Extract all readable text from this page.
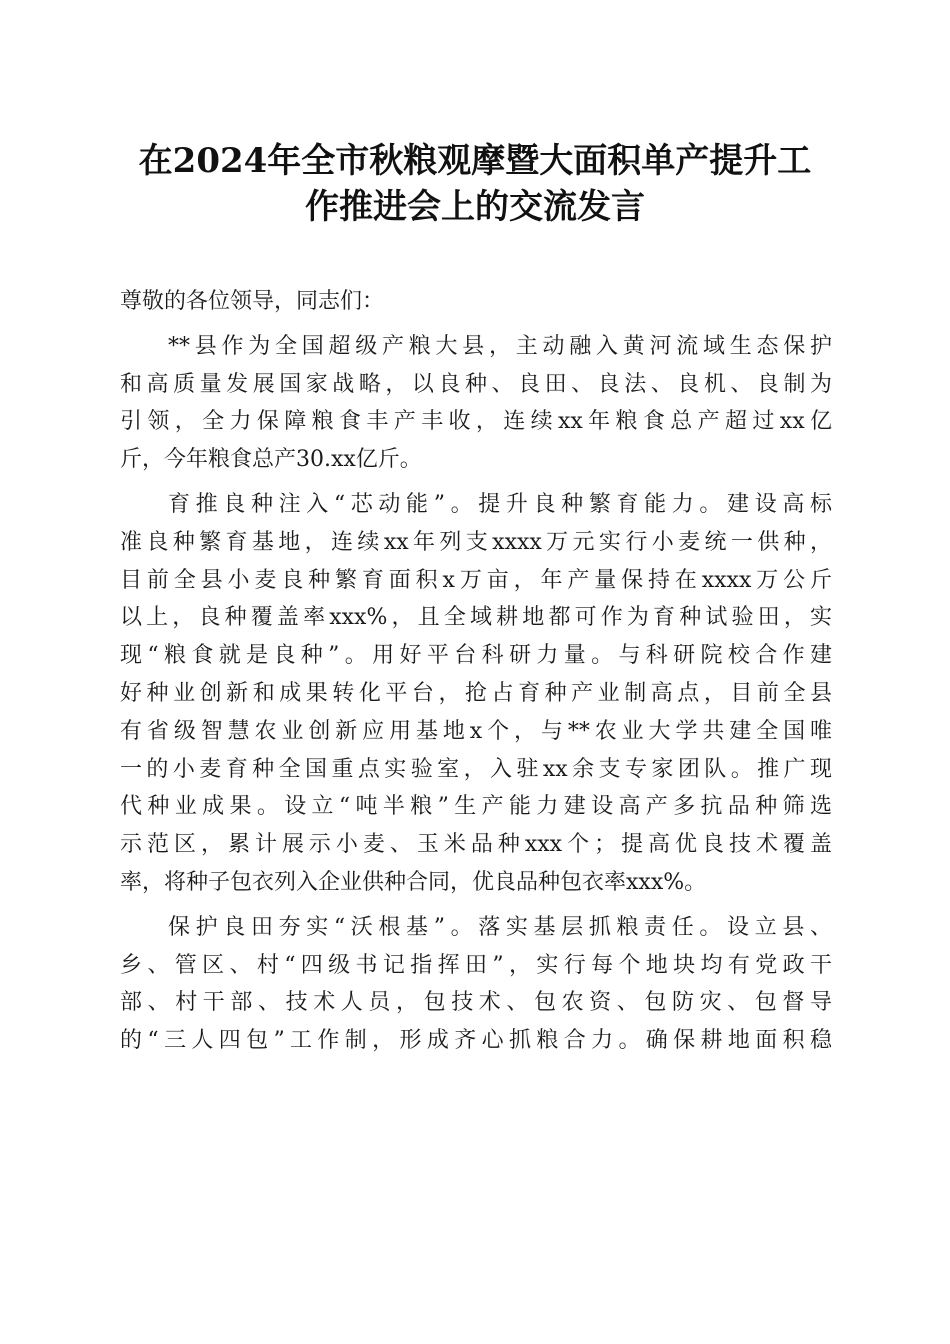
在2024年全市秋粮观摩暨大面积单产提升工
作推进会上的交流发言

尊敬的各位领导，同志们：

**县作为全国超级产粮大县，主动融入黄河流域生态保护
和高质量发展国家战略，以良种、良田、良法、良机、良制为
引领，全力保障粮食丰产丰收，连续xx年粮食总产超过xx亿
斤，今年粮食总产30.xx亿斤。

育推良种注入“芯动能”。提升良种繁育能力。建设高标
准良种繁育基地，连续xx年列支xxxx万元实行小麦统一供种，
目前全县小麦良种繁育面积x万亩，年产量保持在xxxx万公斤
以上，良种覆盖率xxx%，且全域耕地都可作为育种试验田，实
现“粮食就是良种”。用好平台科研力量。与科研院校合作建
好种业创新和成果转化平台，抢占育种产业制高点，目前全县
有省级智慧农业创新应用基地x个，与**农业大学共建全国唯
一的小麦育种全国重点实验室，入驻xx余支专家团队。推广现
代种业成果。设立“吨半粮”生产能力建设高产多抗品种筛选
示范区，累计展示小麦、玉米品种xxx个；提高优良技术覆盖
率，将种子包衣列入企业供种合同，优良品种包衣率xxx%。

保护良田夯实“沃根基”。落实基层抓粮责任。设立县、
乡、管区、村“四级书记指挥田”，实行每个地块均有党政干
部、村干部、技术人员，包技术、包农资、包防灾、包督导
的“三人四包”工作制，形成齐心抓粮合力。确保耕地面积稳
